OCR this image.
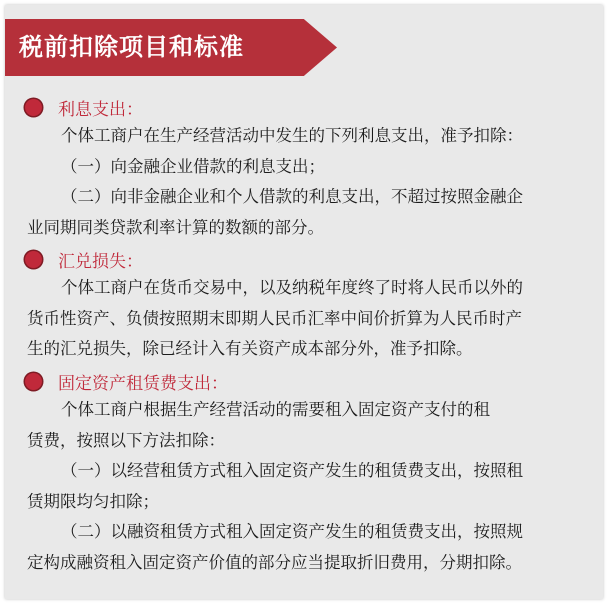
税前扣除项目和标准
利息支出：
个体工商户在生产经营活动中发生的下列利息支出，准予扣除：
（一）向金融企业借款的利息支出；
（二）向非金融企业和个人借款的利息支出，不超过按照金融企
业同期同类贷款利率计算的数额的部分。
汇兑损失：
个体工商户在货币交易中，以及纳税年度终了时将人民币以外的
货币性资产、负债按照期末即期人民币汇率中间价折算为人民币时产
生的汇兑损失，除已经计入有关资产成本部分外，准予扣除。
固定资产租赁费支出：
个体工商户根据生产经营活动的需要租入固定资产支付的租
赁费，按照以下方法扣除：
（一）以经营租赁方式租入固定资产发生的租赁费支出，按照租
赁期限均匀扣除；
（二）以融资租赁方式租入固定资产发生的租赁费支出，按照规
定构成融资租入固定资产价值的部分应当提取折旧费用，分期扣除。
